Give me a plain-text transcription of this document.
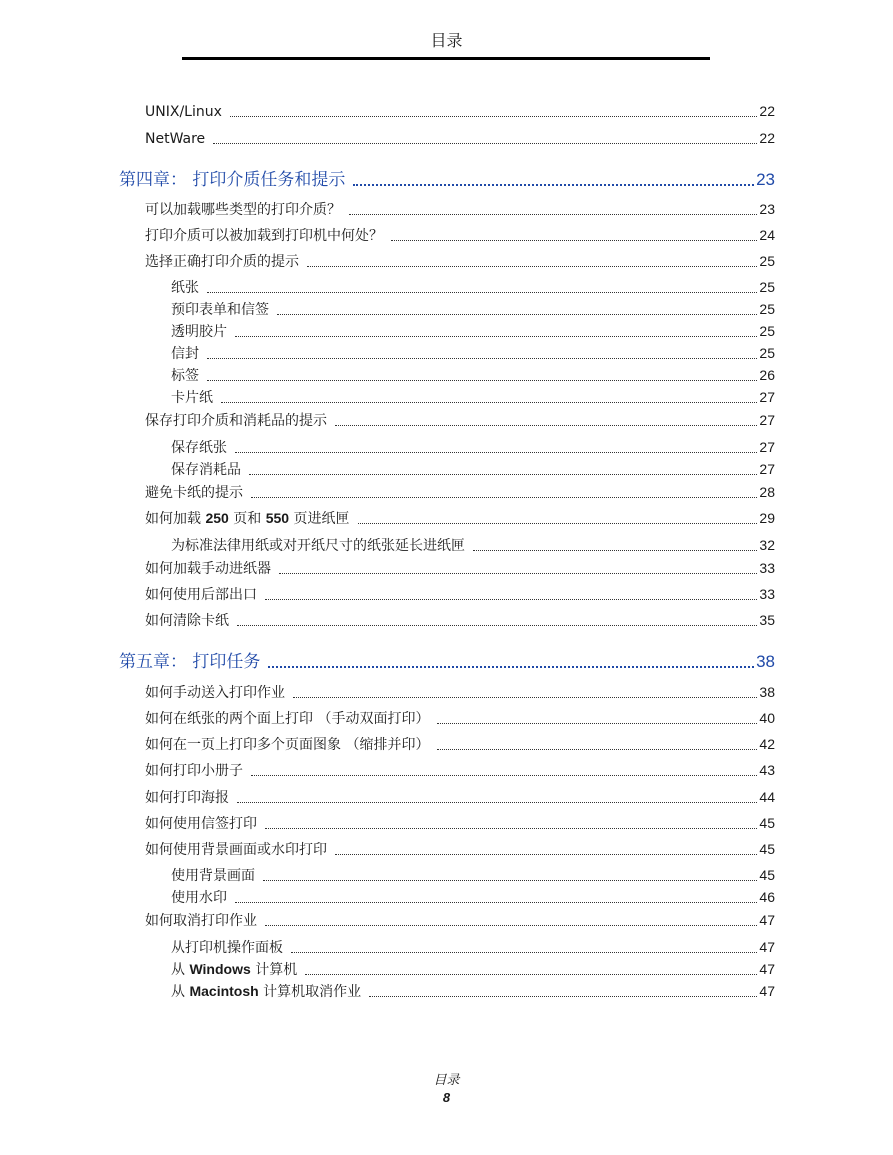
目录
UNIX/Linux	22
NetWare	22
第四章： 打印介质任务和提示	23
可以加载哪些类型的打印介质？	23
打印介质可以被加载到打印机中何处？	24
选择正确打印介质的提示	25
纸张	25
预印表单和信签	25
透明胶片	25
信封	25
标签	26
卡片纸	27
保存打印介质和消耗品的提示	27
保存纸张	27
保存消耗品	27
避免卡纸的提示	28
如何加载 250 页和 550 页进纸匣	29
为标准法律用纸或对开纸尺寸的纸张延长进纸匣	32
如何加载手动进纸器	33
如何使用后部出口	33
如何清除卡纸	35
第五章： 打印任务	38
如何手动送入打印作业	38
如何在纸张的两个面上打印 （手动双面打印）	40
如何在一页上打印多个页面图象 （缩排并印）	42
如何打印小册子	43
如何打印海报	44
如何使用信签打印	45
如何使用背景画面或水印打印	45
使用背景画面	45
使用水印	46
如何取消打印作业	47
从打印机操作面板	47
从 Windows 计算机	47
从 Macintosh 计算机取消作业	47
目录
8
